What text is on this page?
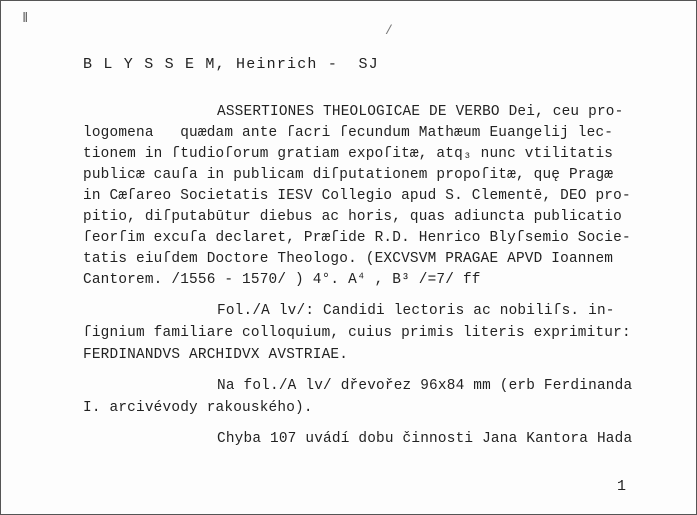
ǁ
/
B L Y S S E M, Heinrich -  SJ
ASSERTIONES THEOLOGICAE DE VERBO Dei, ceu pro-
logomena   quædam ante ſacri ſecundum Mathæum Euangelij lec-
tionem in ſtudioſorum gratiam expoſitæ, atq₃ nunc vtilitatis
publicæ cauſa in publicam diſputationem propoſitæ, quę Pragæ
in Cæſareo Societatis IESV Collegio apud S. Clementē, DEO pro-
pitio, diſputabūtur diebus ac horis, quas adiuncta publicatio
ſeorſim excuſa declaret, Præſide R.D. Henrico Blyſsemio Socie-
tatis eiuſdem Doctore Theologo. (EXCVSVM PRAGAE APVD Ioannem
Cantorem. /1556 - 1570/ ) 4°. A⁴ , B³ /=7/ ff
Fol./A lv/: Candidi lectoris ac nobiliſs. in-
ſignium familiare colloquium, cuius primis literis exprimitur:
FERDINANDVS ARCHIDVX AVSTRIAE.
Na fol./A lv/ dřevořez 96x84 mm (erb Ferdinanda
I. arcivévody rakouského).
Chyba 107 uvádí dobu činnosti Jana Kantora Hada
1
